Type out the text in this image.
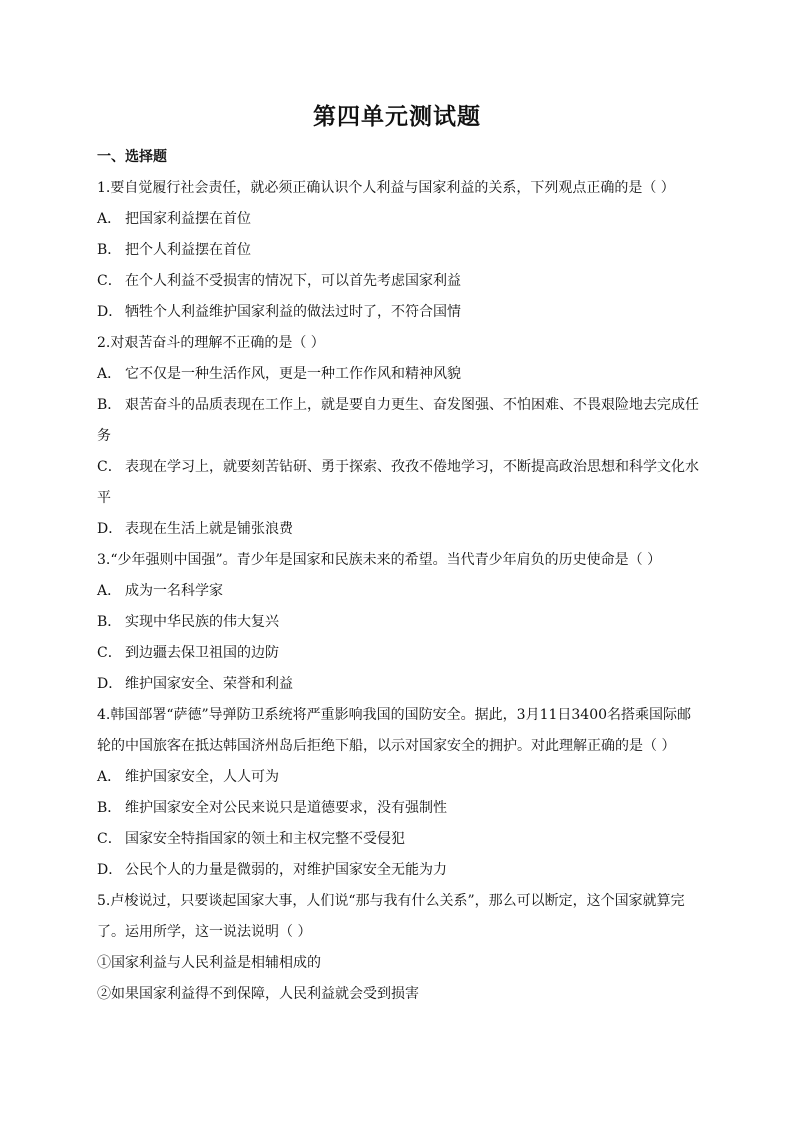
第四单元测试题
一、选择题
1.要自觉履行社会责任，就必须正确认识个人利益与国家利益的关系，下列观点正确的是（ ）
A． 把国家利益摆在首位
B． 把个人利益摆在首位
C． 在个人利益不受损害的情况下，可以首先考虑国家利益
D． 牺牲个人利益维护国家利益的做法过时了，不符合国情
2.对艰苦奋斗的理解不正确的是（ ）
A． 它不仅是一种生活作风，更是一种工作作风和精神风貌
B． 艰苦奋斗的品质表现在工作上，就是要自力更生、奋发图强、不怕困难、不畏艰险地去完成任务
C． 表现在学习上，就要刻苦钻研、勇于探索、孜孜不倦地学习，不断提高政治思想和科学文化水平
D． 表现在生活上就是铺张浪费
3.“少年强则中国强”。青少年是国家和民族未来的希望。当代青少年肩负的历史使命是（ ）
A． 成为一名科学家
B． 实现中华民族的伟大复兴
C． 到边疆去保卫祖国的边防
D． 维护国家安全、荣誉和利益
4.韩国部署“萨德”导弹防卫系统将严重影响我国的国防安全。据此，3月11日3400名搭乘国际邮轮的中国旅客在抵达韩国济州岛后拒绝下船，以示对国家安全的拥护。对此理解正确的是（ ）
A． 维护国家安全，人人可为
B． 维护国家安全对公民来说只是道德要求，没有强制性
C． 国家安全特指国家的领土和主权完整不受侵犯
D． 公民个人的力量是微弱的，对维护国家安全无能为力
5.卢梭说过，只要谈起国家大事，人们说“那与我有什么关系”，那么可以断定，这个国家就算完了。运用所学，这一说法说明（ ）
①国家利益与人民利益是相辅相成的
②如果国家利益得不到保障，人民利益就会受到损害
